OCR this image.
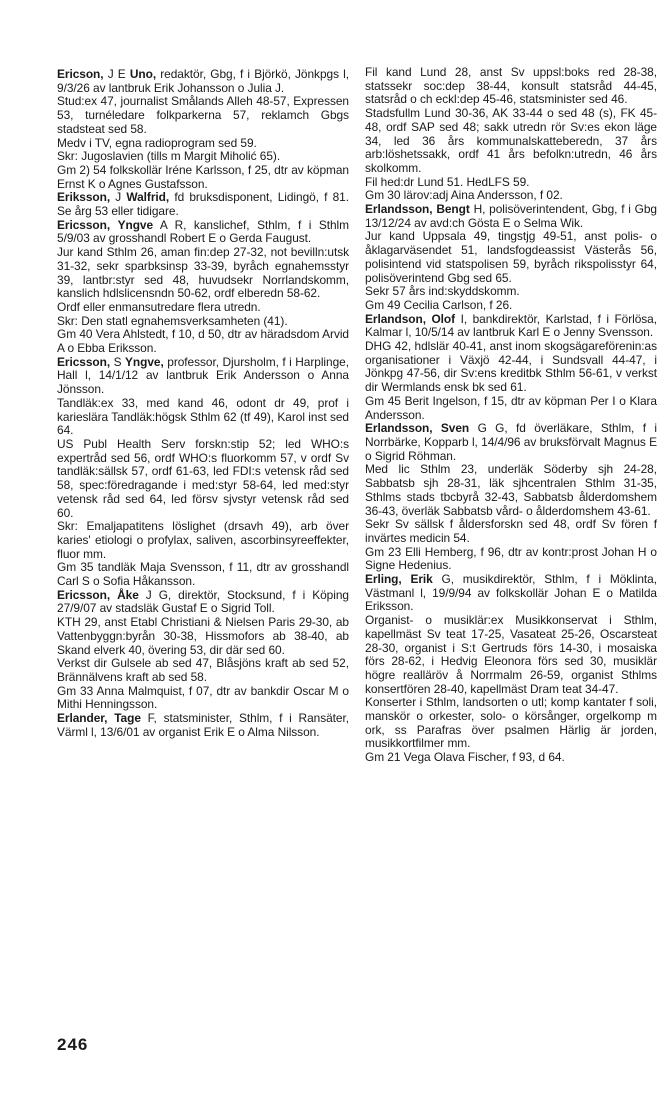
Ericson, J E Uno, redaktör, Gbg, f i Björkö, Jönkpgs l, 9/3/26 av lantbruk Erik Johansson o Julia J.

Stud:ex 47, journalist Smålands Alleh 48-57, Expressen 53, turnéledare folkparkerna 57, reklamch Gbgs stadsteat sed 58.

Medv i TV, egna radioprogram sed 59.

Skr: Jugoslavien (tills m Margit Miholić 65).

Gm 2) 54 folkskollär Iréne Karlsson, f 25, dtr av köpman Ernst K o Agnes Gustafsson.

Eriksson, J Walfrid, fd bruksdisponent, Lidingö, f 81. Se årg 53 eller tidigare.

Ericsson, Yngve A R, kanslichef, Sthlm, f i Sthlm 5/9/03 av grosshandl Robert E o Gerda Faugust.

Jur kand Sthlm 26, aman fin:dep 27-32, not bevilln:utsk 31-32, sekr sparbksinsp 33-39, byråch egnahemsstyr 39, lantbr:styr sed 48, huvudsekr Norrlandskomm, kanslich hdlslicensndn 50-62, ordf elberedn 58-62.

Ordf eller enmansutredare flera utredn.

Skr: Den statl egnahemsverksamheten (41).

Gm 40 Vera Ahlstedt, f 10, d 50, dtr av häradsdom Arvid A o Ebba Eriksson.

Ericsson, S Yngve, professor, Djursholm, f i Harplinge, Hall l, 14/1/12 av lantbruk Erik Andersson o Anna Jönsson.

Tandläk:ex 33, med kand 46, odont dr 49, prof i karieslära Tandläk:högsk Sthlm 62 (tf 49), Karol inst sed 64.

US Publ Health Serv forskn:stip 52; led WHO:s expertråd sed 56, ordf WHO:s fluorkomm 57, v ordf Sv tandläk:sällsk 57, ordf 61-63, led FDI:s vetensk råd sed 58, spec:föredragande i med:styr 58-64, led med:styr vetensk råd sed 64, led försv sjvstyr vetensk råd sed 60.

Skr: Emaljapatitens löslighet (drsavh 49), arb över karies' etiologi o profylax, saliven, ascorbinsyreeffekter, fluor mm.

Gm 35 tandläk Maja Svensson, f 11, dtr av grosshandl Carl S o Sofia Håkansson.

Ericsson, Åke J G, direktör, Stocksund, f i Köping 27/9/07 av stadsläk Gustaf E o Sigrid Toll.

KTH 29, anst Etabl Christiani & Nielsen Paris 29-30, ab Vattenbyggn:byrån 30-38, Hissmofors ab 38-40, ab Skand elverk 40, övering 53, dir där sed 60.

Verkst dir Gulsele ab sed 47, Blåsjöns kraft ab sed 52, Brännälvens kraft ab sed 58.

Gm 33 Anna Malmquist, f 07, dtr av bankdir Oscar M o Mithi Henningsson.

Erlander, Tage F, statsminister, Sthlm, f i Ransäter, Värml l, 13/6/01 av organist Erik E o Alma Nilsson.

Fil kand Lund 28, anst Sv uppsl:boks red 28-38, statssekr soc:dep 38-44, konsult statsråd 44-45, statsråd o ch eckl:dep 45-46, statsminister sed 46.

Stadsfullm Lund 30-36, AK 33-44 o sed 48 (s), FK 45-48, ordf SAP sed 48; sakk utredn rör Sv:es ekon läge 34, led 36 års kommunalskatteberedn, 37 års arb:löshetssakk, ordf 41 års befolkn:utredn, 46 års skolkomm.

Fil hed:dr Lund 51. HedLFS 59.

Gm 30 lärov:adj Aina Andersson, f 02.

Erlandsson, Bengt H, polisöverintendent, Gbg, f i Gbg 13/12/24 av avd:ch Gösta E o Selma Wik.

Jur kand Uppsala 49, tingstjg 49-51, anst polis- o åklagarväsendet 51, landsfogdeassist Västerås 56, polisintend vid statspolisen 59, byråch rikspolisstyr 64, polisöverintend Gbg sed 65.

Sekr 57 års ind:skyddskomm.

Gm 49 Cecilia Carlson, f 26.

Erlandson, Olof I, bankdirektör, Karlstad, f i Förlösa, Kalmar l, 10/5/14 av lantbruk Karl E o Jenny Svensson.

DHG 42, hdlslär 40-41, anst inom skogsägareförenin:as organisationer i Växjö 42-44, i Sundsvall 44-47, i Jönkpg 47-56, dir Sv:ens kreditbk Sthlm 56-61, v verkst dir Wermlands ensk bk sed 61.

Gm 45 Berit Ingelson, f 15, dtr av köpman Per I o Klara Andersson.

Erlandsson, Sven G G, fd överläkare, Sthlm, f i Norrbärke, Kopparb l, 14/4/96 av bruksförvalt Magnus E o Sigrid Röhman.

Med lic Sthlm 23, underläk Söderby sjh 24-28, Sabbatsb sjh 28-31, läk sjhcentralen Sthlm 31-35, Sthlms stads tbcbyrå 32-43, Sabbatsb ålderdomshem 36-43, överläk Sabbatsb vård- o ålderdomshem 43-61.

Sekr Sv sällsk f åldersforskn sed 48, ordf Sv fören f invärtes medicin 54.

Gm 23 Elli Hemberg, f 96, dtr av kontr:prost Johan H o Signe Hedenius.

Erling, Erik G, musikdirektör, Sthlm, f i Möklinta, Västmanl l, 19/9/94 av folkskollär Johan E o Matilda Eriksson.

Organist- o musiklär:ex Musikkonservat i Sthlm, kapellmäst Sv teat 17-25, Vasateat 25-26, Oscarsteat 28-30, organist i S:t Gertruds förs 14-30, i mosaiska förs 28-62, i Hedvig Eleonora förs sed 30, musiklär högre realläröv å Norrmalm 26-59, organist Sthlms konsertfören 28-40, kapellmäst Dram teat 34-47.

Konserter i Sthlm, landsorten o utl; komp kantater f soli, manskör o orkester, solo- o körsånger, orgelkomp m ork, ss Parafras över psalmen Härlig är jorden, musikkortfilmer mm.

Gm 21 Vega Olava Fischer, f 93, d 64.

246
